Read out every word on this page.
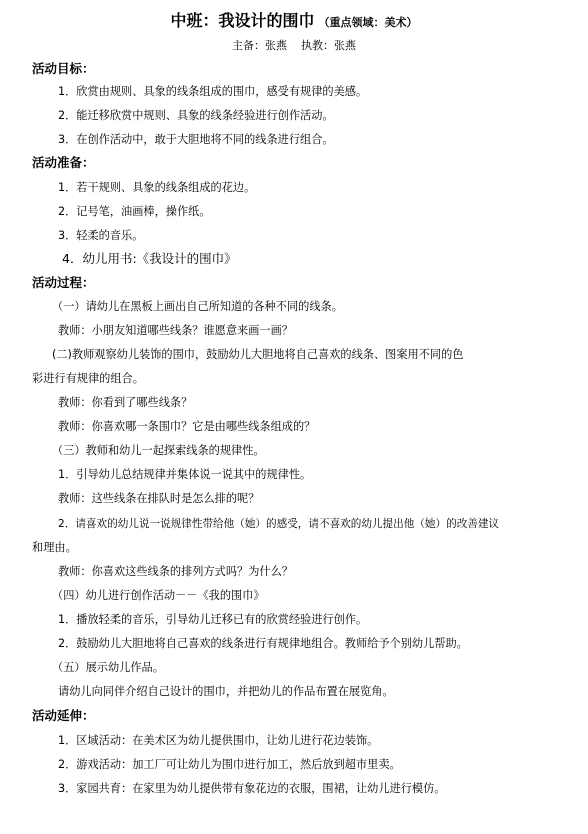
中班：我设计的围巾 （重点领域：美术）
主备：张燕 执教：张燕
活动目标：
1．欣赏由规则、具象的线条组成的围巾，感受有规律的美感。
2．能迁移欣赏中规则、具象的线条经验进行创作活动。
3．在创作活动中，敢于大胆地将不同的线条进行组合。
活动准备：
1．若干规则、具象的线条组成的花边。
2．记号笔，油画棒，操作纸。
3．轻柔的音乐。
4．幼儿用书:《我设计的围巾》
活动过程：
（一）请幼儿在黑板上画出自己所知道的各种不同的线条。
教师：小朋友知道哪些线条？谁愿意来画一画？
(二)教师观察幼儿装饰的围巾，鼓励幼儿大胆地将自己喜欢的线条、图案用不同的色
彩进行有规律的组合。
教师：你看到了哪些线条？
教师：你喜欢哪一条围巾？它是由哪些线条组成的？
（三）教师和幼儿一起探索线条的规律性。
1．引导幼儿总结规律并集体说一说其中的规律性。
教师：这些线条在排队时是怎么排的呢？
2．请喜欢的幼儿说一说规律性带给他（她）的感受，请不喜欢的幼儿提出他（她）的改善建议
和理由。
教师：你喜欢这些线条的排列方式吗？为什么？
（四）幼儿进行创作活动－－《我的围巾》
1．播放轻柔的音乐，引导幼儿迁移已有的欣赏经验进行创作。
2．鼓励幼儿大胆地将自己喜欢的线条进行有规律地组合。教师给予个别幼儿帮助。
（五）展示幼儿作品。
请幼儿向同伴介绍自己设计的围巾，并把幼儿的作品布置在展览角。
活动延伸：
1．区域活动：在美术区为幼儿提供围巾，让幼儿进行花边装饰。
2．游戏活动：加工厂可让幼儿为围巾进行加工，然后放到超市里卖。
3．家园共育：在家里为幼儿提供带有象花边的衣服，围裙，让幼儿进行模仿。
